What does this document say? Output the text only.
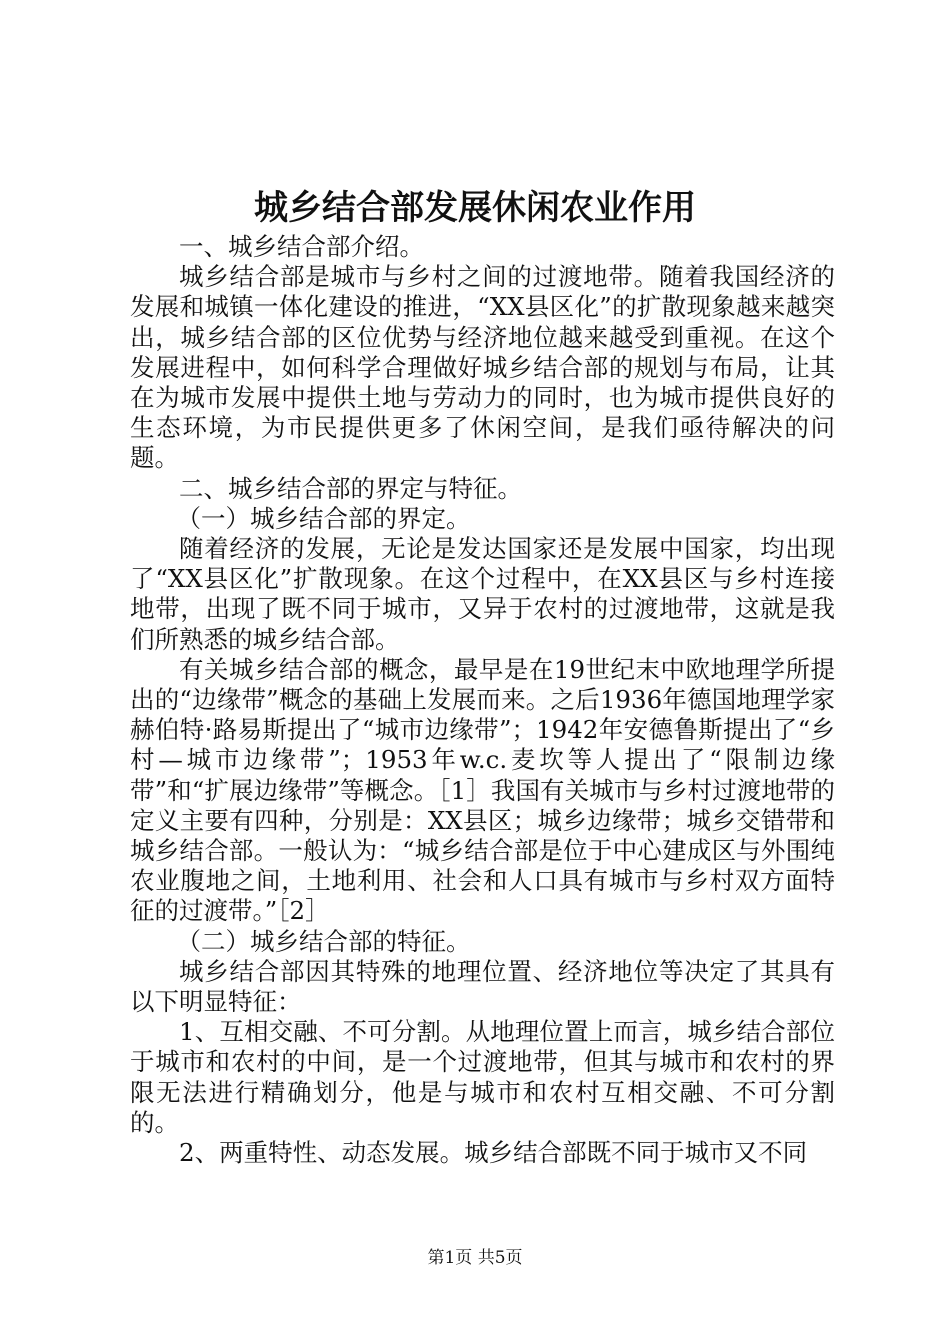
城乡结合部发展休闲农业作用

一、城乡结合部介绍。

城乡结合部是城市与乡村之间的过渡地带。随着我国经济的发展和城镇一体化建设的推进，“XX县区化”的扩散现象越来越突出，城乡结合部的区位优势与经济地位越来越受到重视。在这个发展进程中，如何科学合理做好城乡结合部的规划与布局，让其在为城市发展中提供土地与劳动力的同时，也为城市提供良好的生态环境，为市民提供更多了休闲空间，是我们亟待解决的问题。

二、城乡结合部的界定与特征。

（一）城乡结合部的界定。

随着经济的发展，无论是发达国家还是发展中国家，均出现了“XX县区化”扩散现象。在这个过程中，在XX县区与乡村连接地带，出现了既不同于城市，又异于农村的过渡地带，这就是我们所熟悉的城乡结合部。

有关城乡结合部的概念，最早是在19世纪末中欧地理学所提出的“边缘带”概念的基础上发展而来。之后1936年德国地理学家赫伯特·路易斯提出了“城市边缘带”；1942年安德鲁斯提出了“乡村—城市边缘带”；1953年w.c.麦坎等人提出了“限制边缘带”和“扩展边缘带”等概念。［1］我国有关城市与乡村过渡地带的定义主要有四种，分别是：XX县区；城乡边缘带；城乡交错带和城乡结合部。一般认为：“城乡结合部是位于中心建成区与外围纯农业腹地之间，土地利用、社会和人口具有城市与乡村双方面特征的过渡带。”［2］

（二）城乡结合部的特征。

城乡结合部因其特殊的地理位置、经济地位等决定了其具有以下明显特征：

1、互相交融、不可分割。从地理位置上而言，城乡结合部位于城市和农村的中间，是一个过渡地带，但其与城市和农村的界限无法进行精确划分，他是与城市和农村互相交融、不可分割的。

2、两重特性、动态发展。城乡结合部既不同于城市又不同

第1页 共5页
